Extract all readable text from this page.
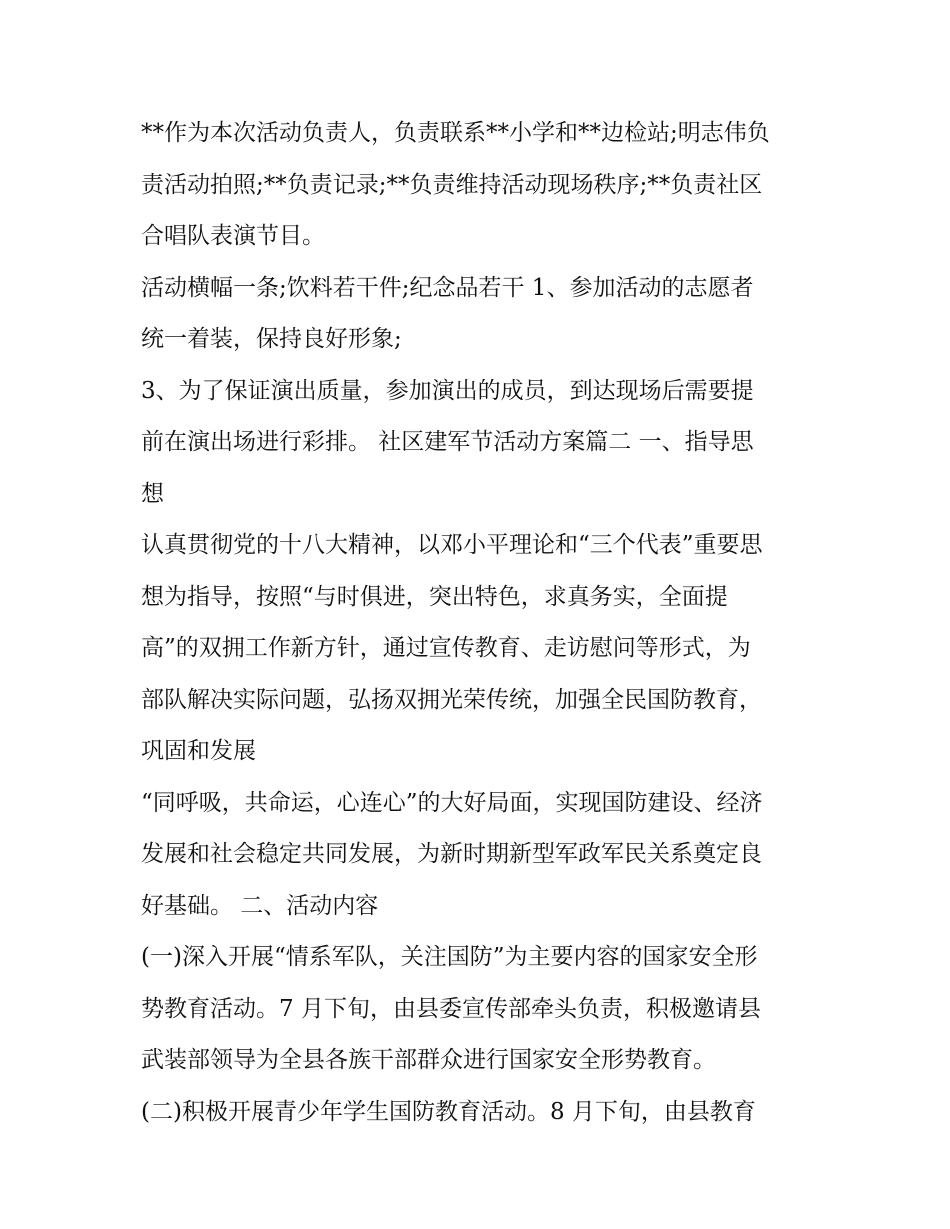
**作为本次活动负责人，负责联系**小学和**边检站;明志伟负
责活动拍照;**负责记录;**负责维持活动现场秩序;**负责社区
合唱队表演节目。
活动横幅一条;饮料若干件;纪念品若干 1、参加活动的志愿者
统一着装，保持良好形象;
3、为了保证演出质量，参加演出的成员，到达现场后需要提
前在演出场进行彩排。 社区建军节活动方案篇二 一、指导思
想
认真贯彻党的十八大精神，以邓小平理论和“三个代表”重要思
想为指导，按照“与时俱进，突出特色，求真务实，全面提
高”的双拥工作新方针，通过宣传教育、走访慰问等形式，为
部队解决实际问题，弘扬双拥光荣传统，加强全民国防教育，
巩固和发展
“同呼吸，共命运，心连心”的大好局面，实现国防建设、经济
发展和社会稳定共同发展，为新时期新型军政军民关系奠定良
好基础。 二、活动内容
(一)深入开展“情系军队，关注国防”为主要内容的国家安全形
势教育活动。7 月下旬，由县委宣传部牵头负责，积极邀请县
武装部领导为全县各族干部群众进行国家安全形势教育。
(二)积极开展青少年学生国防教育活动。8 月下旬，由县教育
